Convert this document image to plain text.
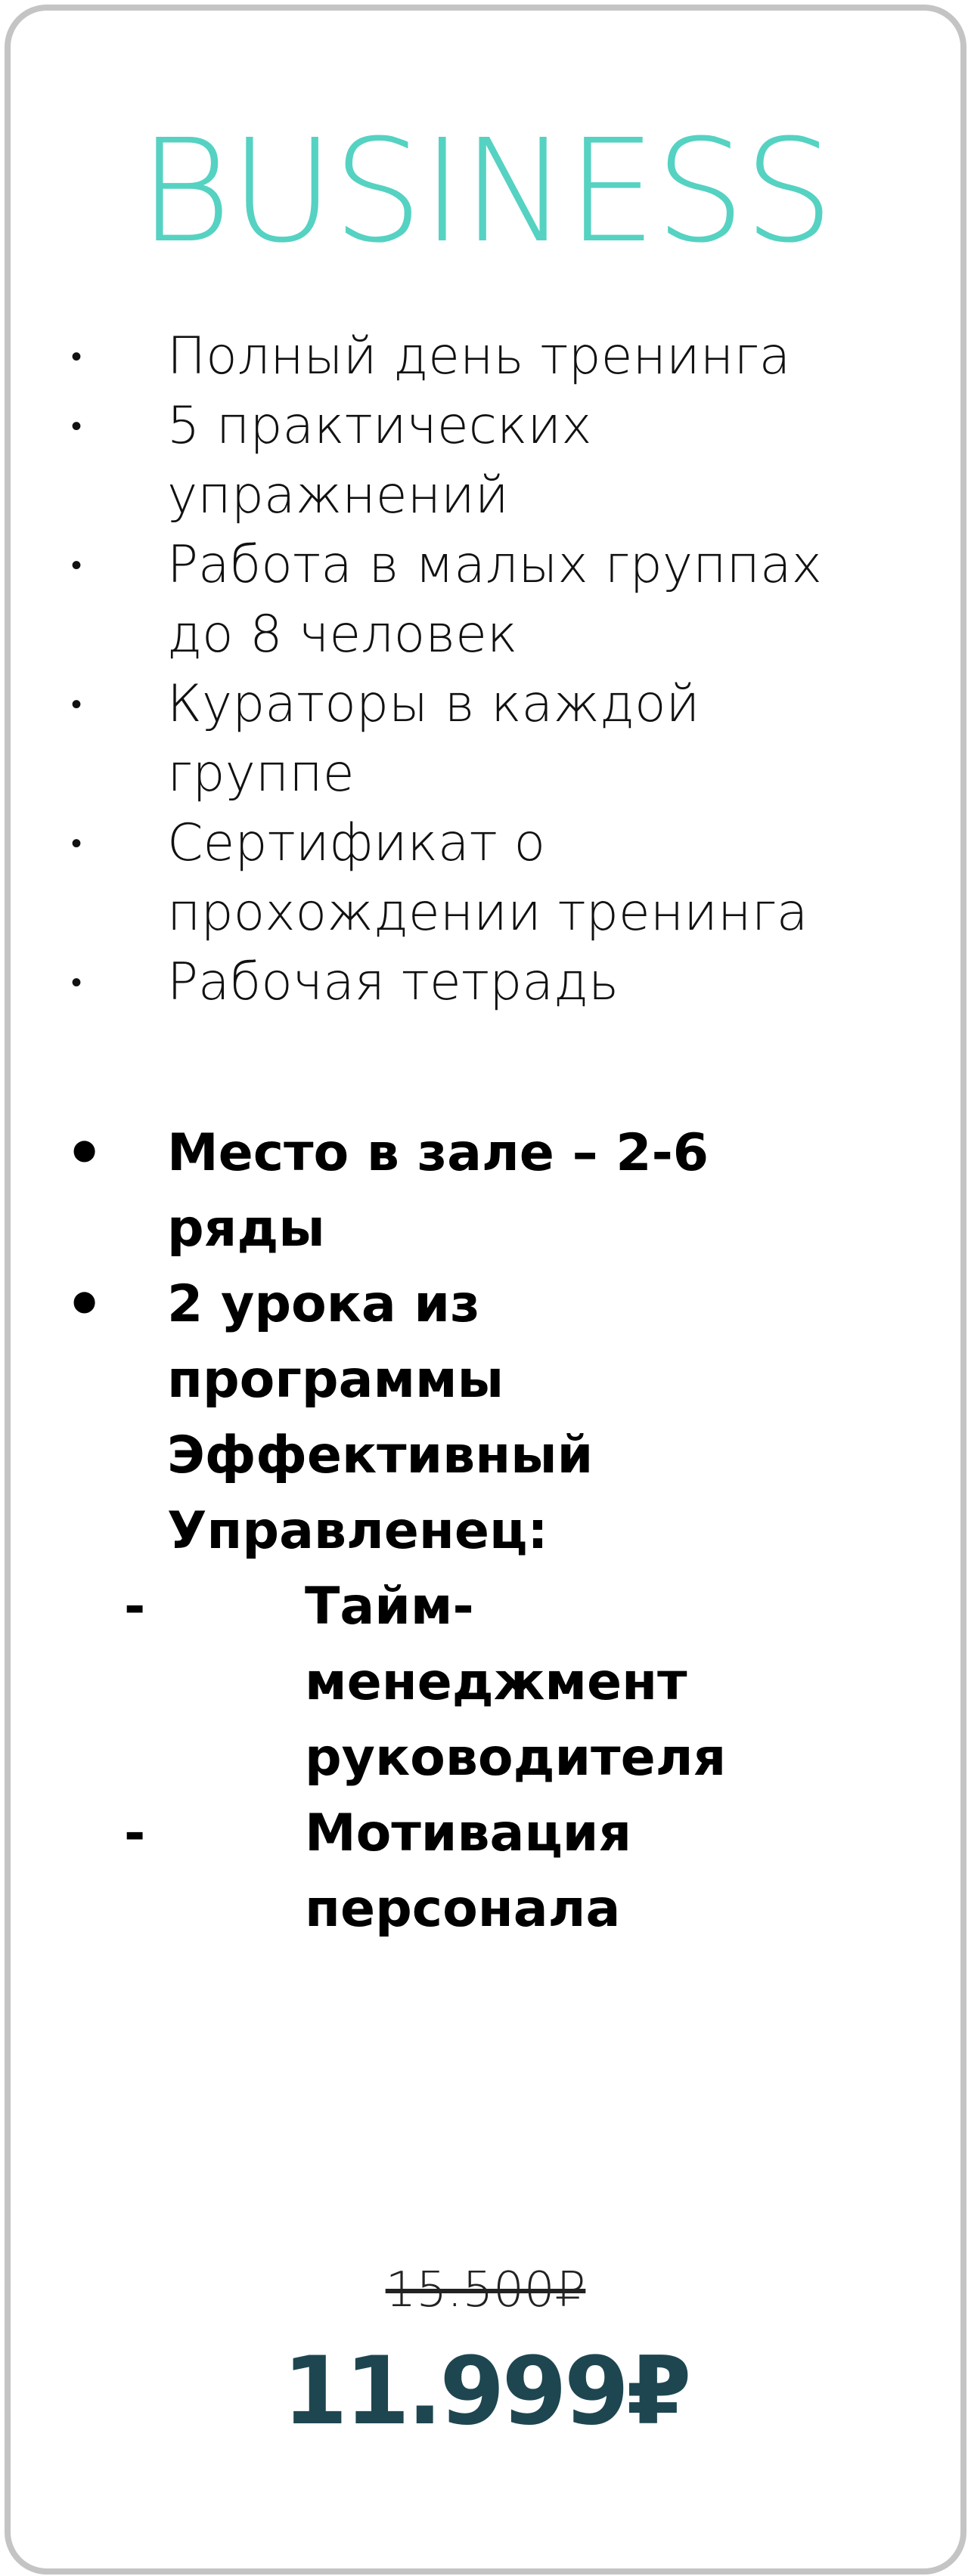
BUSINESS
• Полный день тренинга
• 5 практических упражнений
• Работа в малых группах до 8 человек
• Кураторы в каждой группе
• Сертификат о прохождении тренинга
• Рабочая тетрадь
• Место в зале – 2-6 ряды
• 2 урока из программы Эффективный Управленец:
-	Тайм-менеджмент руководителя
-	Мотивация персонала
15.500₽
11.999₽
